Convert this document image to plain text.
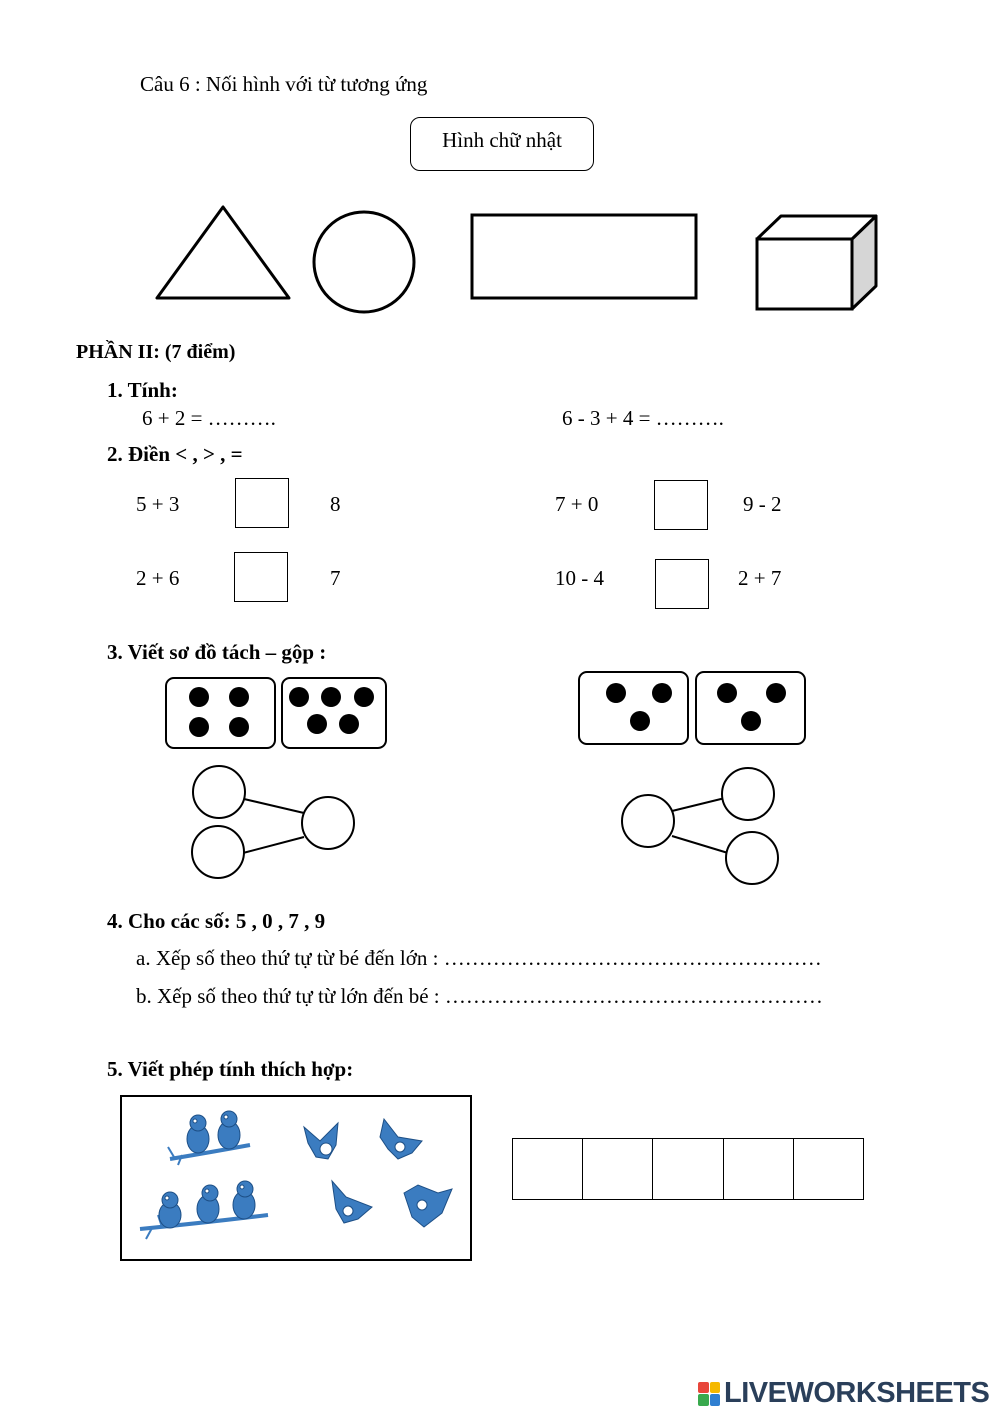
Câu 6 : Nối hình với từ tương ứng
Hình chữ nhật
PHẦN II: (7 điểm)
1. Tính:
6 + 2 = ……….	6 - 3 + 4 = ……….
2. Điền < , > , =
5 + 3	8	7 + 0	9 - 2
2 + 6	7	10 - 4	2 + 7
3. Viết sơ đồ tách – gộp :
4. Cho các số: 5 , 0 , 7 , 9
a. Xếp số theo thứ tự từ bé đến lớn : ………………………………………………
b. Xếp số theo thứ tự từ lớn đến bé : ………………………………………………
5. Viết phép tính thích hợp:
LIVEWORKSHEETS
